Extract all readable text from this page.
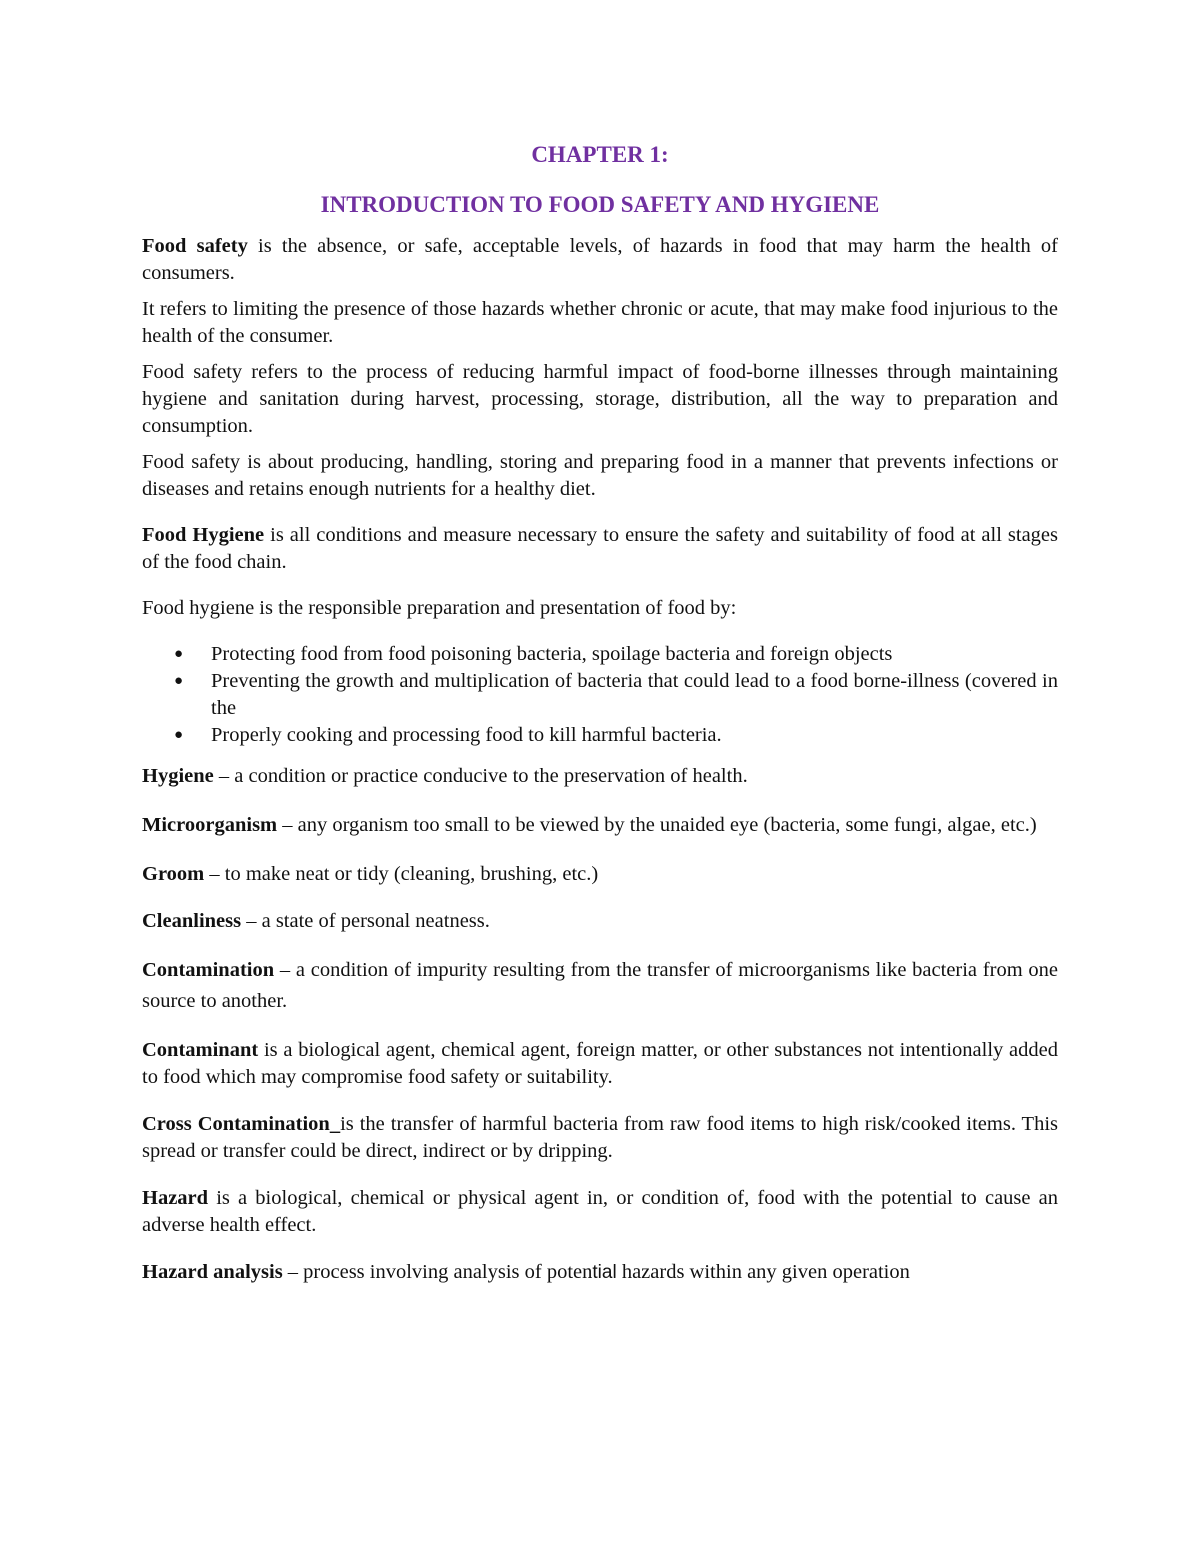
CHAPTER 1:
INTRODUCTION TO FOOD SAFETY AND HYGIENE

Food safety is the absence, or safe, acceptable levels, of hazards in food that may harm the health of consumers.

It refers to limiting the presence of those hazards whether chronic or acute, that may make food injurious to the health of the consumer.

Food safety refers to the process of reducing harmful impact of food-borne illnesses through maintaining hygiene and sanitation during harvest, processing, storage, distribution, all the way to preparation and consumption.

Food safety is about producing, handling, storing and preparing food in a manner that prevents infections or diseases and retains enough nutrients for a healthy diet.

Food Hygiene is all conditions and measure necessary to ensure the safety and suitability of food at all stages of the food chain.

Food hygiene is the responsible preparation and presentation of food by:

● Protecting food from food poisoning bacteria, spoilage bacteria and foreign objects
● Preventing the growth and multiplication of bacteria that could lead to a food borne-illness (covered in the
● Properly cooking and processing food to kill harmful bacteria.

Hygiene – a condition or practice conducive to the preservation of health.

Microorganism – any organism too small to be viewed by the unaided eye (bacteria, some fungi, algae, etc.)

Groom – to make neat or tidy (cleaning, brushing, etc.)

Cleanliness – a state of personal neatness.

Contamination – a condition of impurity resulting from the transfer of microorganisms like bacteria from one source to another.

Contaminant is a biological agent, chemical agent, foreign matter, or other substances not intentionally added to food which may compromise food safety or suitability.

Cross Contamination_is the transfer of harmful bacteria from raw food items to high risk/cooked items. This spread or transfer could be direct, indirect or by dripping.

Hazard is a biological, chemical or physical agent in, or condition of, food with the potential to cause an adverse health effect.

Hazard analysis – process involving analysis of potential hazards within any given operation
